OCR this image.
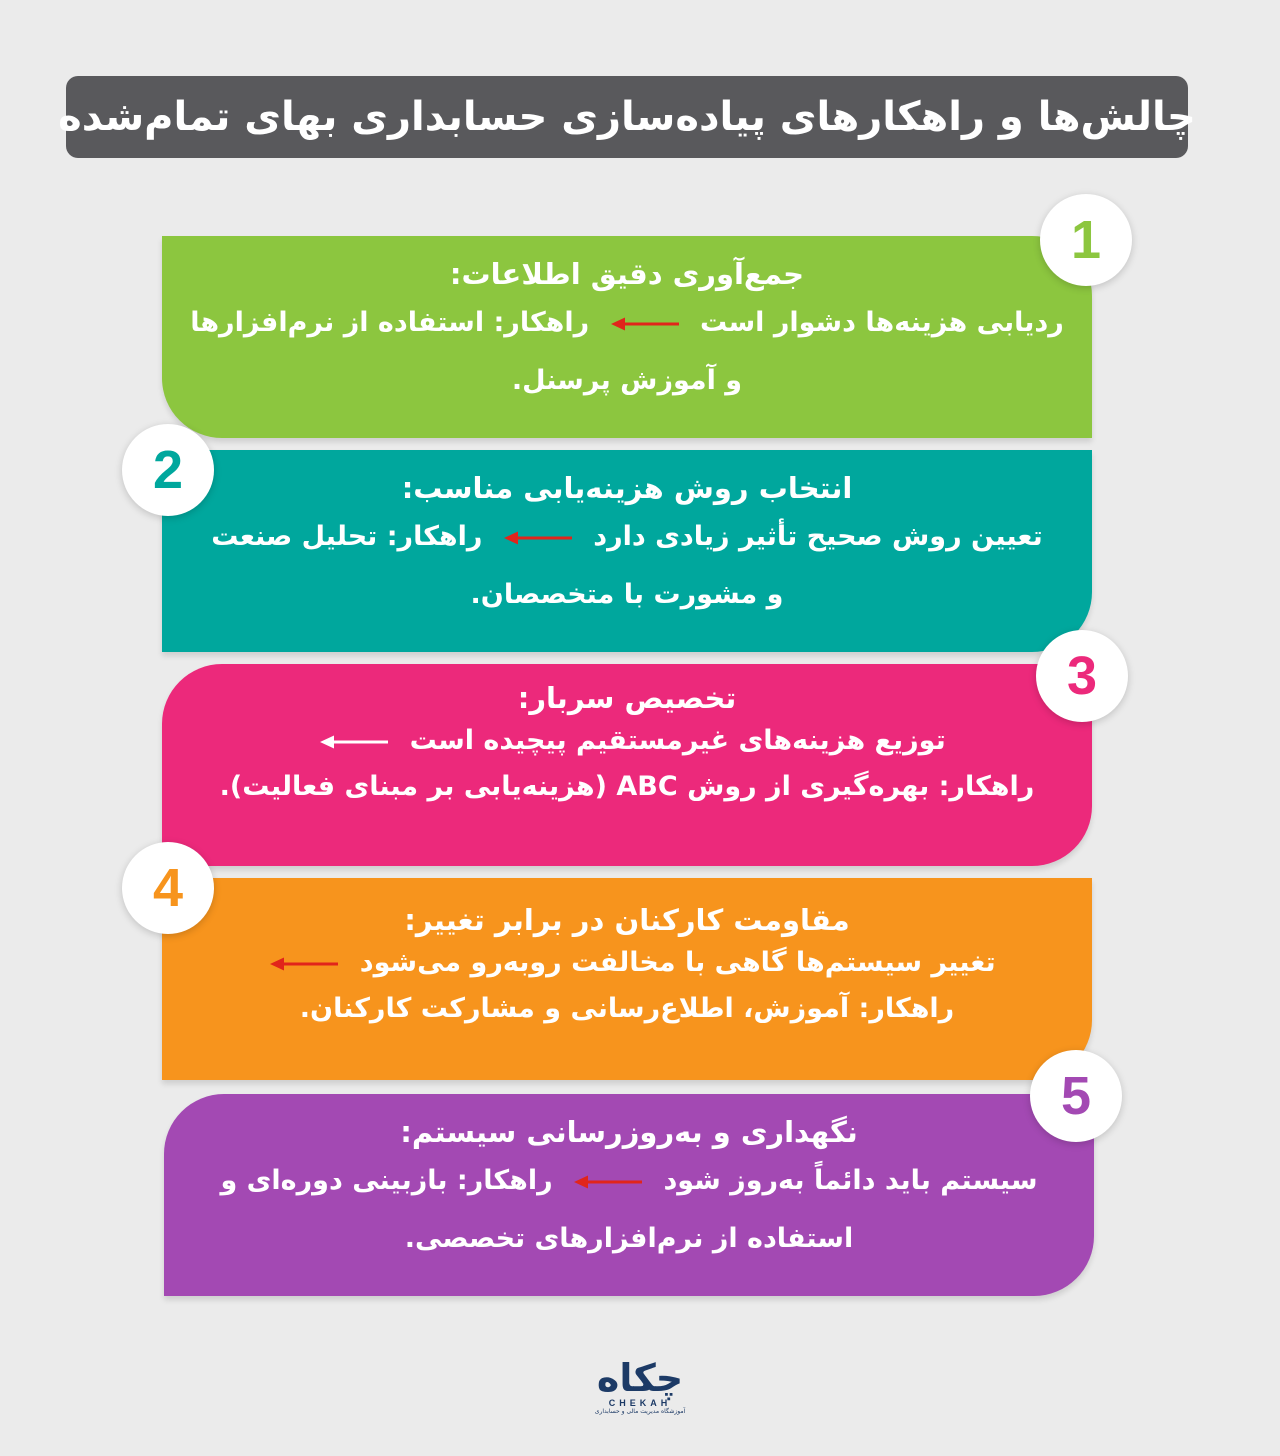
چالش‌ها و راهکارهای پیاده‌سازی حسابداری بهای تمام‌شده
جمع‌آوری دقیق اطلاعات:
ردیابی هزینه‌ها دشوار است  راهکار: استفاده از نرم‌افزارها
و آموزش پرسنل.
1
انتخاب روش هزینه‌یابی مناسب:
تعیین روش صحیح تأثیر زیادی دارد  راهکار: تحلیل صنعت
و مشورت با متخصصان.
2
تخصیص سربار:
توزیع هزینه‌های غیرمستقیم پیچیده است
راهکار: بهره‌گیری از روش ABC (هزینه‌یابی بر مبنای فعالیت).
3
مقاومت کارکنان در برابر تغییر:
تغییر سیستم‌ها گاهی با مخالفت روبه‌رو می‌شود
راهکار: آموزش، اطلاع‌رسانی و مشارکت کارکنان.
4
نگهداری و به‌روزرسانی سیستم:
سیستم باید دائماً به‌روز شود  راهکار: بازبینی دوره‌ای و
استفاده از نرم‌افزارهای تخصصی.
5
چکاه
CHEKAH
آموزشگاه مدیریت مالی و حسابداری
